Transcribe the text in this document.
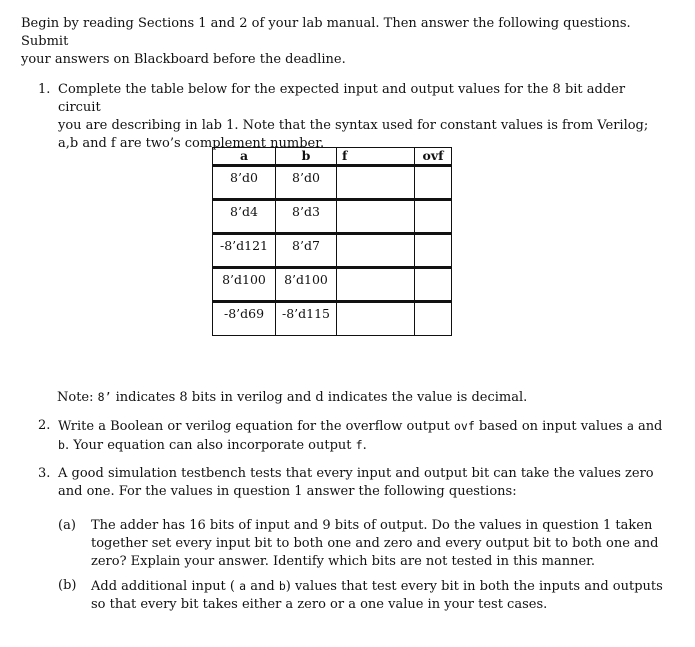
Begin by reading Sections 1 and 2 of your lab manual. Then answer the following questions. Submit
your answers on Blackboard before the deadline.
1. Complete the table below for the expected input and output values for the 8 bit adder circuit
you are describing in lab 1. Note that the syntax used for constant values is from Verilog;
a,b and f are two’s complement number.
a	b	f	ovf
8’d0	8’d0		
8’d4	8’d3		
-8’d121	8’d7		
8’d100	8’d100		
-8’d69	-8’d115		
Note: 8’ indicates 8 bits in verilog and d indicates the value is decimal.
2. Write a Boolean or verilog equation for the overflow output ovf based on input values a and
b. Your equation can also incorporate output f.
3. A good simulation testbench tests that every input and output bit can take the values zero
and one. For the values in question 1 answer the following questions:
(a) The adder has 16 bits of input and 9 bits of output. Do the values in question 1 taken
together set every input bit to both one and zero and every output bit to both one and
zero? Explain your answer. Identify which bits are not tested in this manner.
(b) Add additional input ( a and b) values that test every bit in both the inputs and outputs
so that every bit takes either a zero or a one value in your test cases.
